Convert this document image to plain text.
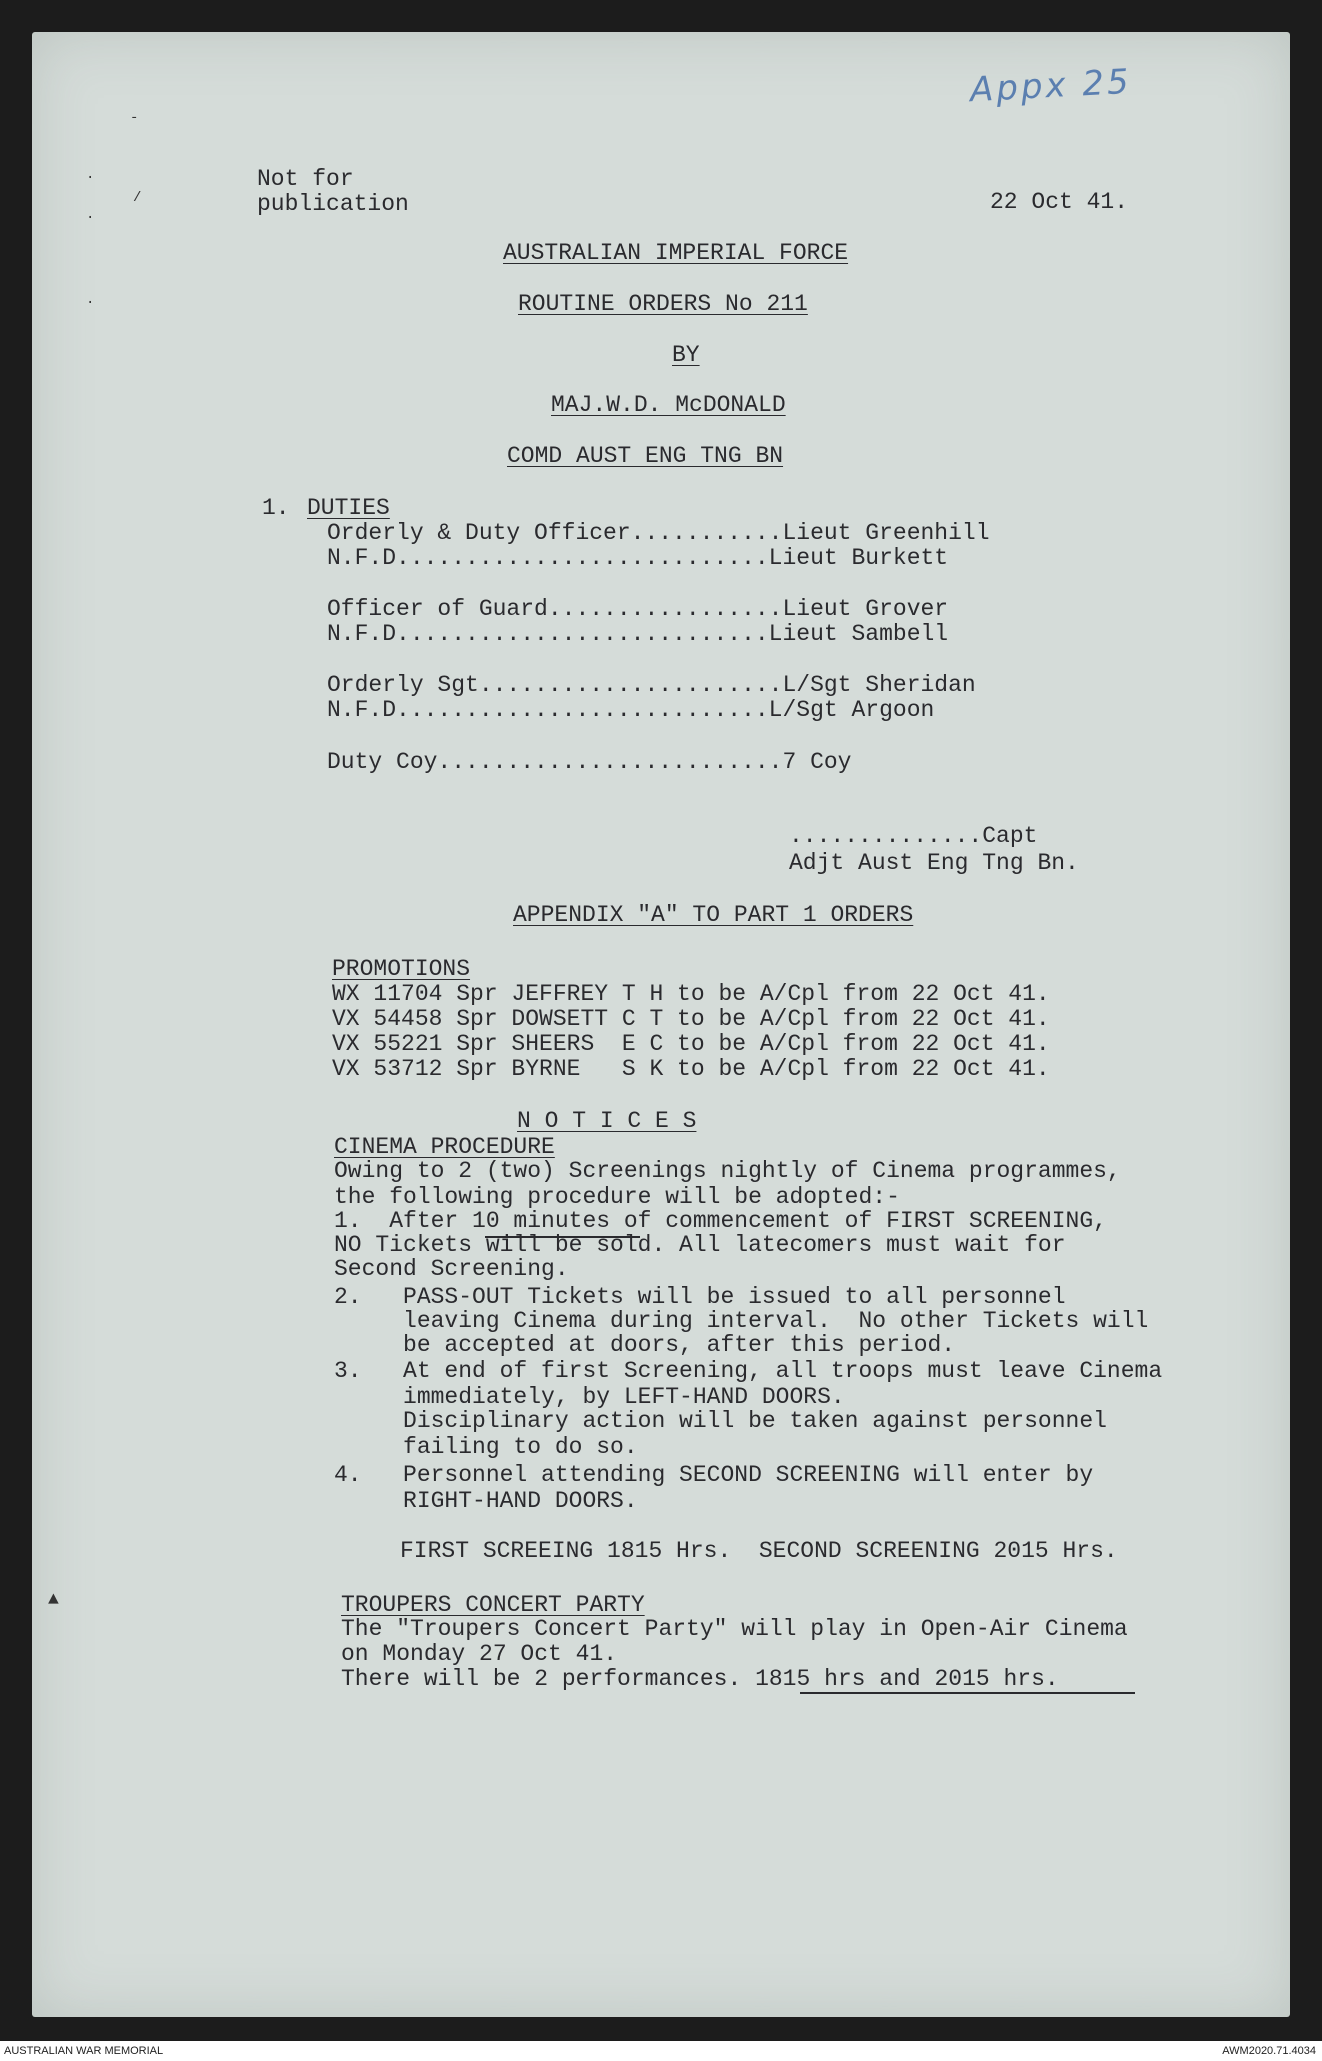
Appx 25
Not for
publication	22 Oct 41.
AUSTRALIAN IMPERIAL FORCE
ROUTINE ORDERS No 211
BY
MAJ.W.D. McDONALD
COMD AUST ENG TNG BN
1. DUTIES
Orderly & Duty Officer...........Lieut Greenhill
N.F.D...........................Lieut Burkett
Officer of Guard.................Lieut Grover
N.F.D...........................Lieut Sambell
Orderly Sgt......................L/Sgt Sheridan
N.F.D...........................L/Sgt Argoon
Duty Coy.........................7 Coy
..............Capt
Adjt Aust Eng Tng Bn.
APPENDIX "A" TO PART 1 ORDERS
PROMOTIONS
WX 11704 Spr JEFFREY T H to be A/Cpl from 22 Oct 41.
VX 54458 Spr DOWSETT C T to be A/Cpl from 22 Oct 41.
VX 55221 Spr SHEERS  E C to be A/Cpl from 22 Oct 41.
VX 53712 Spr BYRNE   S K to be A/Cpl from 22 Oct 41.
N O T I C E S
CINEMA PROCEDURE
Owing to 2 (two) Screenings nightly of Cinema programmes,
the following procedure will be adopted:-
1.  After 10 minutes of commencement of FIRST SCREENING,
NO Tickets will be sold. All latecomers must wait for
Second Screening.
2.   PASS-OUT Tickets will be issued to all personnel
leaving Cinema during interval.  No other Tickets will
be accepted at doors, after this period.
3.   At end of first Screening, all troops must leave Cinema
immediately, by LEFT-HAND DOORS.
Disciplinary action will be taken against personnel
failing to do so.
4.   Personnel attending SECOND SCREENING will enter by
RIGHT-HAND DOORS.
FIRST SCREEING 1815 Hrs.  SECOND SCREENING 2015 Hrs.
TROUPERS CONCERT PARTY
The "Troupers Concert Party" will play in Open-Air Cinema
on Monday 27 Oct 41.
There will be 2 performances. 1815 hrs and 2015 hrs.
-
/
·
·
·
▲
AUSTRALIAN WAR MEMORIAL	AWM2020.71.4034
